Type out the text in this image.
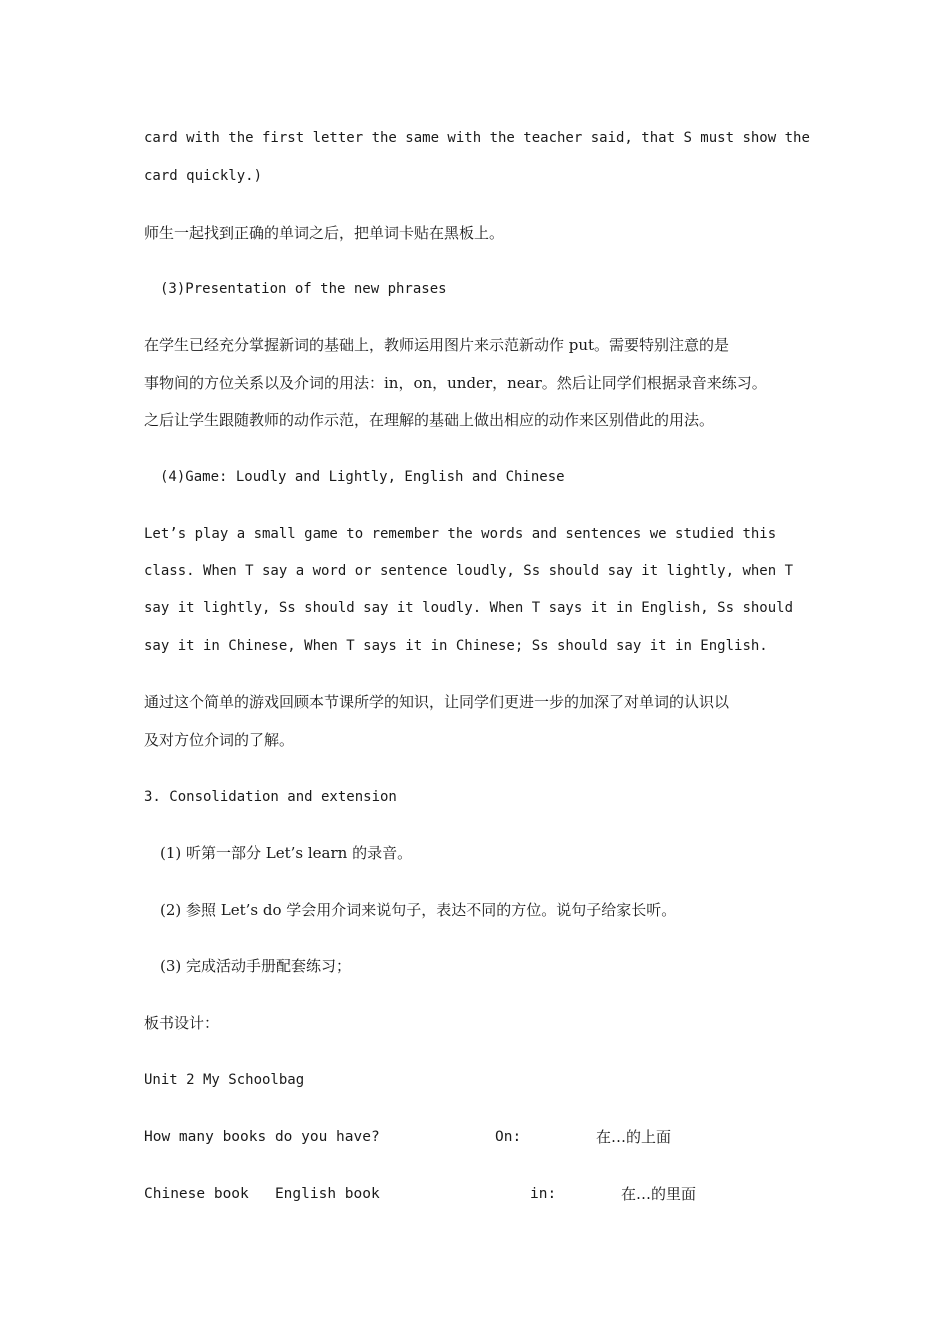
card with the first letter the same with the teacher said, that S must show the
card quickly.)
师生一起找到正确的单词之后，把单词卡贴在黑板上。
(3)Presentation of the new phrases
在学生已经充分掌握新词的基础上，教师运用图片来示范新动作 put。需要特别注意的是
事物间的方位关系以及介词的用法：in，on，under，near。然后让同学们根据录音来练习。
之后让学生跟随教师的动作示范，在理解的基础上做出相应的动作来区别借此的用法。
(4)Game: Loudly and Lightly, English and Chinese
Let’s play a small game to remember the words and sentences we studied this
class. When T say a word or sentence loudly, Ss should say it lightly, when T
say it lightly, Ss should say it loudly. When T says it in English, Ss should
say it in Chinese, When T says it in Chinese; Ss should say it in English.
通过这个简单的游戏回顾本节课所学的知识，让同学们更进一步的加深了对单词的认识以
及对方位介词的了解。
3. Consolidation and extension
(1) 听第一部分 Let’s learn 的录音。
(2) 参照 Let’s do 学会用介词来说句子，表达不同的方位。说句子给家长听。
(3) 完成活动手册配套练习；
板书设计：
Unit 2 My Schoolbag
How many books do you have?	On:	在…的上面
Chinese book   English book	in:	在…的里面
